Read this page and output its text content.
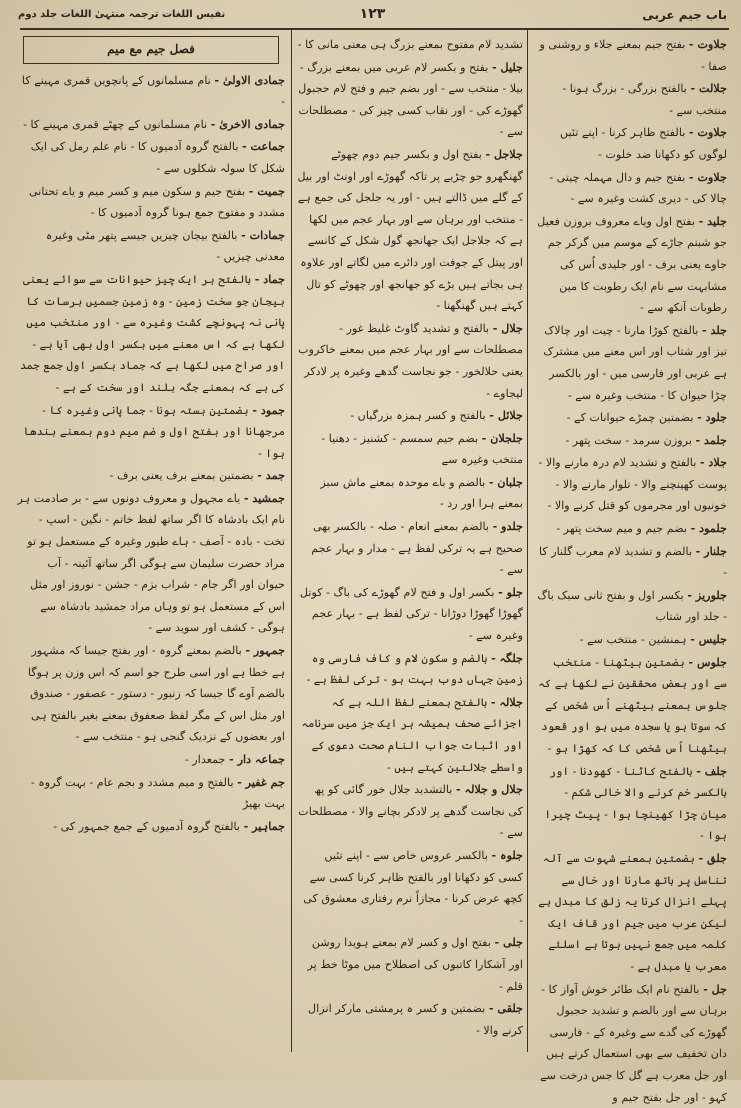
باب جیم عربی
۱۲۳
نفیس اللغات ترجمہ منتہیٰ اللغات جلد دوم

جلاوت - بفتح جیم بمعنے جلاء و روشنی و صفا -

جلالت - بالفتح بزرگی - بزرگ ہونا - منتخب سے -

جلاوت - بالفتح ظاہر کرنا - اپنے تئیں لوگوں کو دکھانا ضد خلوت -

جلاوت - بفتح جیم و دال مہملہ چیتی - چالا کی - دیری کشت وغیرہ سے -

جلید - بفتح اول ویاے معروف بروزن فعیل جو شبنم جاڑے کے موسم میں گرکر جم جاوے یعنی برف - اور جلیدی اُس کی مشابہت سے نام ایک رطوبت کا مین رطوبات آنکھ سے -

جلد - بالفتح کوڑا مارنا - چیت اور چالاک تیز اور شتاب اور اس معنے میں مشترک ہے عربی اور فارسی میں - اور بالکسر چڑا حیوان کا - منتخب وغیرہ سے -

جلود - بضمتین چمڑے حیوانات کے -

جلمد - بروزن سرمد - سخت پتھر -

جلاد - بالفتح و تشدید لام درہ مارنے والا - پوست کھینچنے والا - تلوار مارنے والا - خونیوں اور مجرموں کو قتل کرنے والا -

جلمود - بضم جیم و میم سخت پتھر -

جلنار - بالضم و تشدید لام معرب گلنار کا -

جلوریز - بکسر اول و بفتح ثانی سبک باگ - جلد اور شتاب

جلیس - ہمنشین - منتخب سے -

جلوس - بضمتین بیٹھنا - منتخب سے اور بعض محققین نے لکھا ہے کہ جلوس بمعنے بیٹھنے اُس شخص کے کہ سوتا ہو یا سجدہ میں ہو اور قعود بیٹھنا اُس شخص کا کہ کھڑا ہو -

جلف - بالفتح کاٹنا - کھودنا - اور بالکسر خم کرنے والا خالی شکم - میان چڑا کھینچا ہوا - پیٹ چیرا ہوا -

جلق - بضمتین بمعنے شہوت سے آلہ تناسل پر ہاتھ مارنا اور خال سے پہلے انزال کرنا یہ زلق کا مبدل ہے لیکن عرب میں جیم اور قاف ایک کلمہ میں جمع نہیں ہوتا ہے اسلئے معرب یا مبدل ہے -

جل - بالفتح نام ایک طائر خوش آواز کا - برہان سے اور بالضم و تشدید حجبول گھوڑے کی گدے سے وغیرہ کے - فارسی دان تخفیف سے بھی استعمال کرتے ہیں اور جل معرب ہے گل کا جس درخت سے کہو - اور جل بفتح جیم و

تشدید لام مفتوح بمعنے بزرگ ہی معنی مانی کا -

جلیل - بفتح و بکسر لام عربی میں بمعنے بزرگ - بیلا - منتخب سے - اور بضم جیم و فتح لام حجبول گھوڑے کی - اور نقاب کسی چیز کی - مصطلحات سے -

جلاجل - بفتح اول و بکسر جیم دوم چھوٹے گھنگھرو جو چڑیے پر تاکہ گھوڑے اور اونٹ اور بیل کے گلے میں ڈالتے ہیں - اور یہ جلجل کی جمع ہے - منتخب اور برہان سے اور بہار عجم میں لکھا ہے کہ جلاجل ایک جھانجھ گول شکل کے کانسے اور پیتل کے جوفت اور دائرے میں لگاتے اور علاوہ ہی بجاتے ہیں بڑے کو جھانجھ اور چھوٹے کو تال کہتے ہیں گھنگھنا -

جلال - بالفتح و تشدید گاوٹ غلیظ غور - مصطلحات سے اور بہار عجم میں بمعنے خاکروب یعنی حلالخور - جو نجاست گدھے وغیرہ پر لادکر لیجاوے -

جلائل - بالفتح و کسر ہمزہ بزرگیاں -

جلجلان - بضم جیم سمسم - کشنیز - دھنیا - منتخب وغیرہ سے

جلبان - بالضم و باے موحدہ بمعنے ماش سبز بمعنے ہرا اور رد -

جلدو - بالضم بمعنے انعام - صلہ - بالکسر بھی صحیح ہے یہ ترکی لفظ ہے - مدار و بہار عجم سے -

جلو - بکسر اول و فتح لام گھوڑے کی باگ - کوتل گھوڑا گھوڑا دوڑانا - ترکی لفظ ہے - بہار عجم وغیرہ سے -

جلگہ - بالضم و سکون لام و کاف فارسی وہ زمین جہاں دوب بہت ہو - ترکی لفظ ہے -

جلالہ - بالفتح بمعنے لفظ اللہ ہے کہ اجزائے صحف ہمیشہ ہر ایک جز میں سرنامہ اور اثبات جواب النام صحت دعوی کے واسطے جلالتین کہتے ہیں -

جلال و جلالہ - بالتشدید جلال خور گائی کو پھ کی نجاست گدھے پر لادکر بچانے والا - مصطلحات سے -

جلوہ - بالکسر عروس خاص سے - اپنے تئیں کسی کو دکھانا اور بالفتح ظاہر کرنا کسی سے کچھ عرض کرنا - مجازاً نرم رفتاری معشوق کی -

جلی - بفتح اول و کسر لام بمعنے ہویدا روشن اور آشکارا کاتبوں کی اصطلاح میں موٹا خط پر قلم -

جلقی - بضمتین و کسر ہ پرمشتی مارکر انزال کرنے والا -

فصل جیم مع میم

جمادی الاولیٰ - نام مسلمانوں کے پانچویں قمری مہینے کا -

جمادی الاخریٰ - نام مسلمانوں کے چھٹے قمری مہینے کا -

جماعت - بالفتح گروہ آدمیوں کا - نام علم رمل کی ایک شکل کا سولہ شکلوں سے -

جمیت - بفتح جیم و سکون میم و کسر میم و یاے تحتانی مشدد و مفتوح جمع ہونا گروہ آدمیوں کا -

جمادات - بالفتح بیجان چیزیں جیسے پتھر مٹی وغیرہ معدنی چیزیں -

جماد - بالفتح ہر ایک چیز حیوانات سے سوائے یعنی بیجان جو سخت زمین - وہ زمین جسمیں برسات کا پانی نہ پہونچے کشت وغیرہ سے - اور منتخب میں لکھا ہے کہ اس معنے میں بکسر اول بھی آیا ہے - اور صراح میں لکھا ہے کہ جماد بکسر اول جمع جمد کی ہے کہ بمعنے جگہ بلند اور سخت کے ہے -

جمود - بضمتین بستہ ہونا - جما پانی وغیرہ کا - مرجھانا اور بفتح اول و ضم میم دوم بمعنے بندھا ہوا -

جمد - بضمتین بمعنے برف یعنی برف -

جمشید - یاے مجہول و معروف دونوں سے - بر صادمت ہر نام ایک بادشاہ کا اگر ساتھ لفظ خاتم - نگین - اسپ - تخت - بادہ - آصف - ہاے طیور وغیرہ کے مستعمل ہو تو مراد حضرت سلیمان سے ہوگی اگر ساتھ آئینہ - آب حیوان اور اگر جام - شراب بزم - جشن - نوروز اور مثل اس کے مستعمل ہو تو وہاں مراد جمشید بادشاہ سے ہوگی - کشف اور سوید سے -

جمہور - بالضم بمعنے گروہ - اور بفتح جیسا کہ مشہور ہے خطا ہے اور اسی طرح جو اسم کہ اس وزن پر ہوگا بالضم آوے گا جیسا کہ زنبور - دستور - عصفور - صندوق اور مثل اس کے مگر لفظ صعفوق بمعنے بغیر بالفتح ہی اور بعضوں کے نزدیک گنجی ہو - منتخب سے -

جماعہ دار - جمعدار -

جم غفیر - بالفتح و میم مشدد و بجم عام - بہت گروہ - بہت بھیڑ

جماہیر - بالفتح گروہ آدمیوں کے جمع جمہور کی -
